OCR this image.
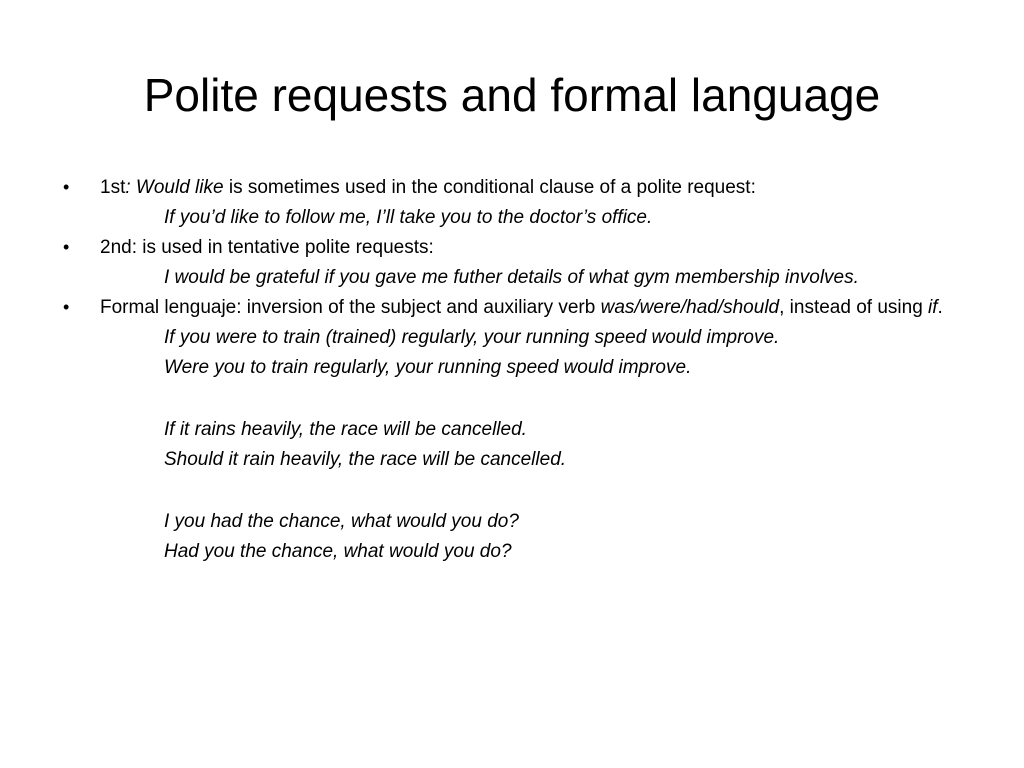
Polite requests and formal language
• 1st: Would like is sometimes used in the conditional clause of a polite request:
If you’d like to follow me, I’ll take you to the doctor’s office.
• 2nd: is used in tentative polite requests:
I would be grateful if you gave me futher details of what gym membership involves.
• Formal lenguaje: inversion of the subject and auxiliary verb was/were/had/should, instead of using if.
If you were to train (trained) regularly, your running speed would improve.
Were you to train regularly, your running speed would improve.
If it rains heavily, the race will be cancelled.
Should it rain heavily, the race will be cancelled.
I you had the chance, what would you do?
Had you the chance, what would you do?
